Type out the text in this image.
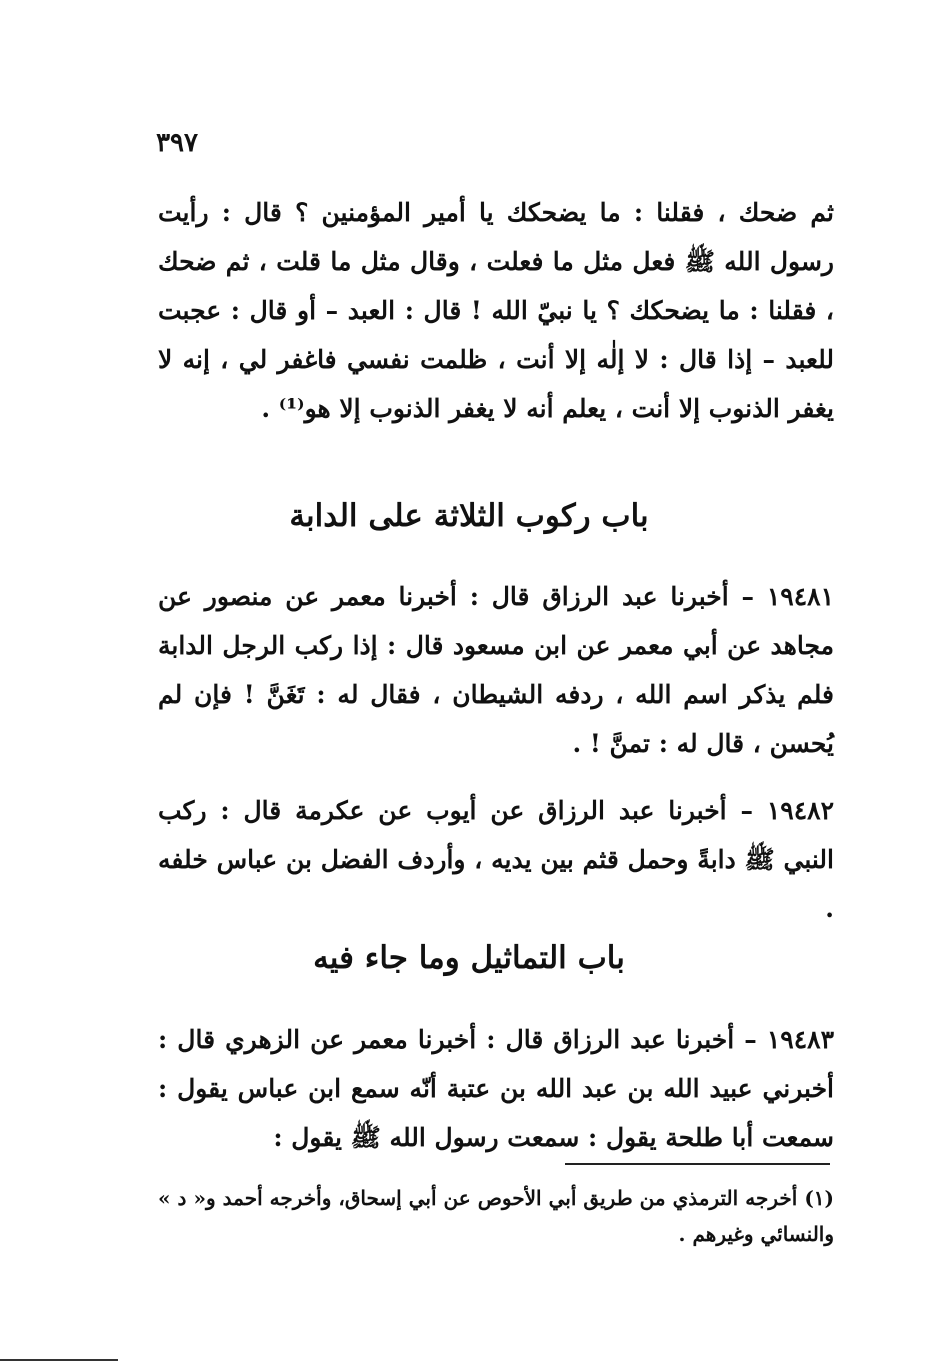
٣٩٧

ثم ضحك ، فقلنا : ما يضحكك يا أمير المؤمنين ؟ قال : رأيت رسول الله ﷺ فعل مثل ما فعلت ، وقال مثل ما قلت ، ثم ضحك ، فقلنا : ما يضحكك ؟ يا نبيّ الله ! قال : العبد – أو قال : عجبت للعبد – إذا قال : لا إلٰه إلا أنت ، ظلمت نفسي فاغفر لي ، إنه لا يغفر الذنوب إلا أنت ، يعلم أنه لا يغفر الذنوب إلا هو⁽¹⁾ .

باب ركوب الثلاثة على الدابة

١٩٤٨١ – أخبرنا عبد الرزاق قال : أخبرنا معمر عن منصور عن مجاهد عن أبي معمر عن ابن مسعود قال : إذا ركب الرجل الدابة فلم يذكر اسم الله ، ردفه الشيطان ، فقال له : تَغَنَّ ! فإن لم يُحسن ، قال له : تمنَّ ! .

١٩٤٨٢ – أخبرنا عبد الرزاق عن أيوب عن عكرمة قال : ركب النبي ﷺ دابةً وحمل قثم بين يديه ، وأردف الفضل بن عباس خلفه .

باب التماثيل وما جاء فيه

١٩٤٨٣ – أخبرنا عبد الرزاق قال : أخبرنا معمر عن الزهري قال : أخبرني عبيد الله بن عبد الله بن عتبة أنّه سمع ابن عباس يقول : سمعت أبا طلحة يقول : سمعت رسول الله ﷺ يقول :

(١) أخرجه الترمذي من طريق أبي الأحوص عن أبي إسحاق، وأخرجه أحمد و« د » والنسائي وغيرهم .
